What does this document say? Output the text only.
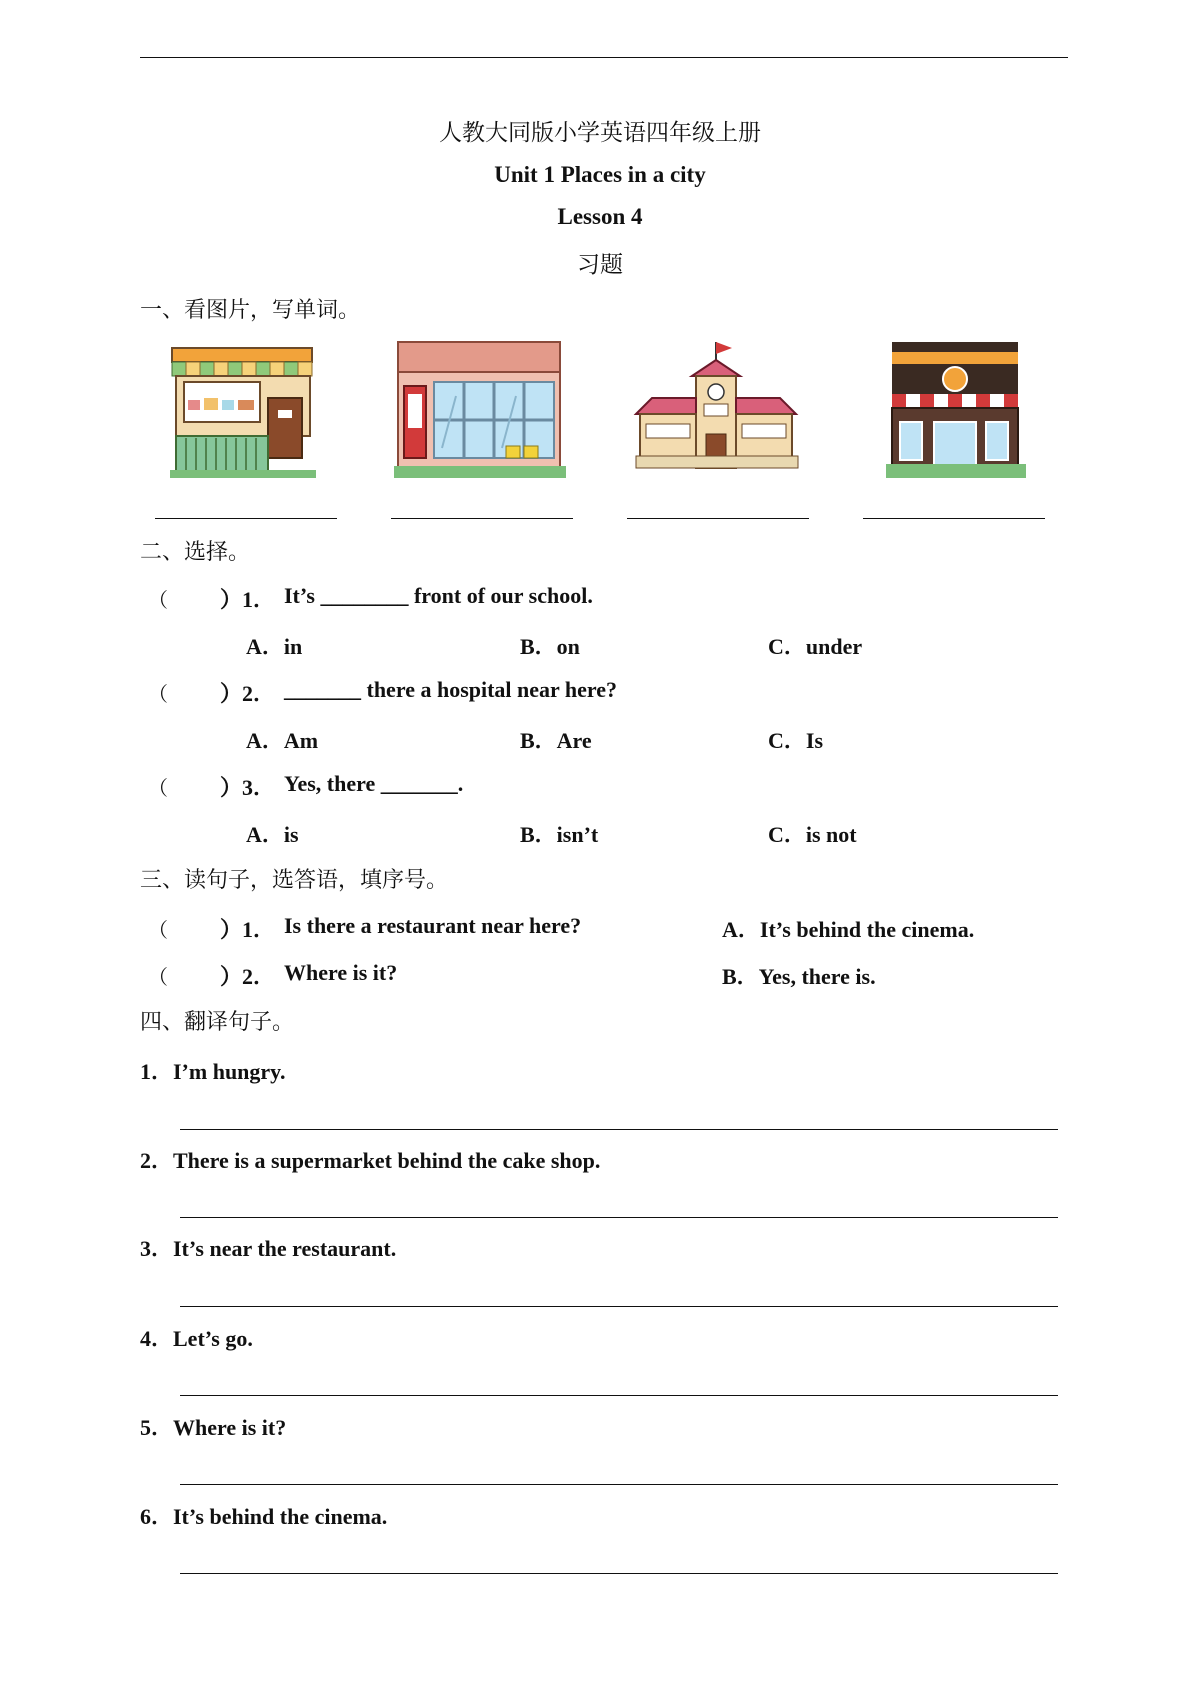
人教大同版小学英语四年级上册
Unit 1 Places in a city
Lesson 4
习题
一、看图片，写单词。
二、选择。
（ ）1． It’s ________ front of our school.
A．in	B．on	C．under
（ ）2． _______ there a hospital near here?
A．Am	B．Are	C．Is
（ ）3． Yes, there _______.
A．is	B．isn’t	C．is not
三、读句子，选答语，填序号。
（ ）1． Is there a restaurant near here?	A．It’s behind the cinema.
（ ）2． Where is it?	B．Yes, there is.
四、翻译句子。
1．I’m hungry.
2．There is a supermarket behind the cake shop.
3．It’s near the restaurant.
4．Let’s go.
5．Where is it?
6．It’s behind the cinema.
